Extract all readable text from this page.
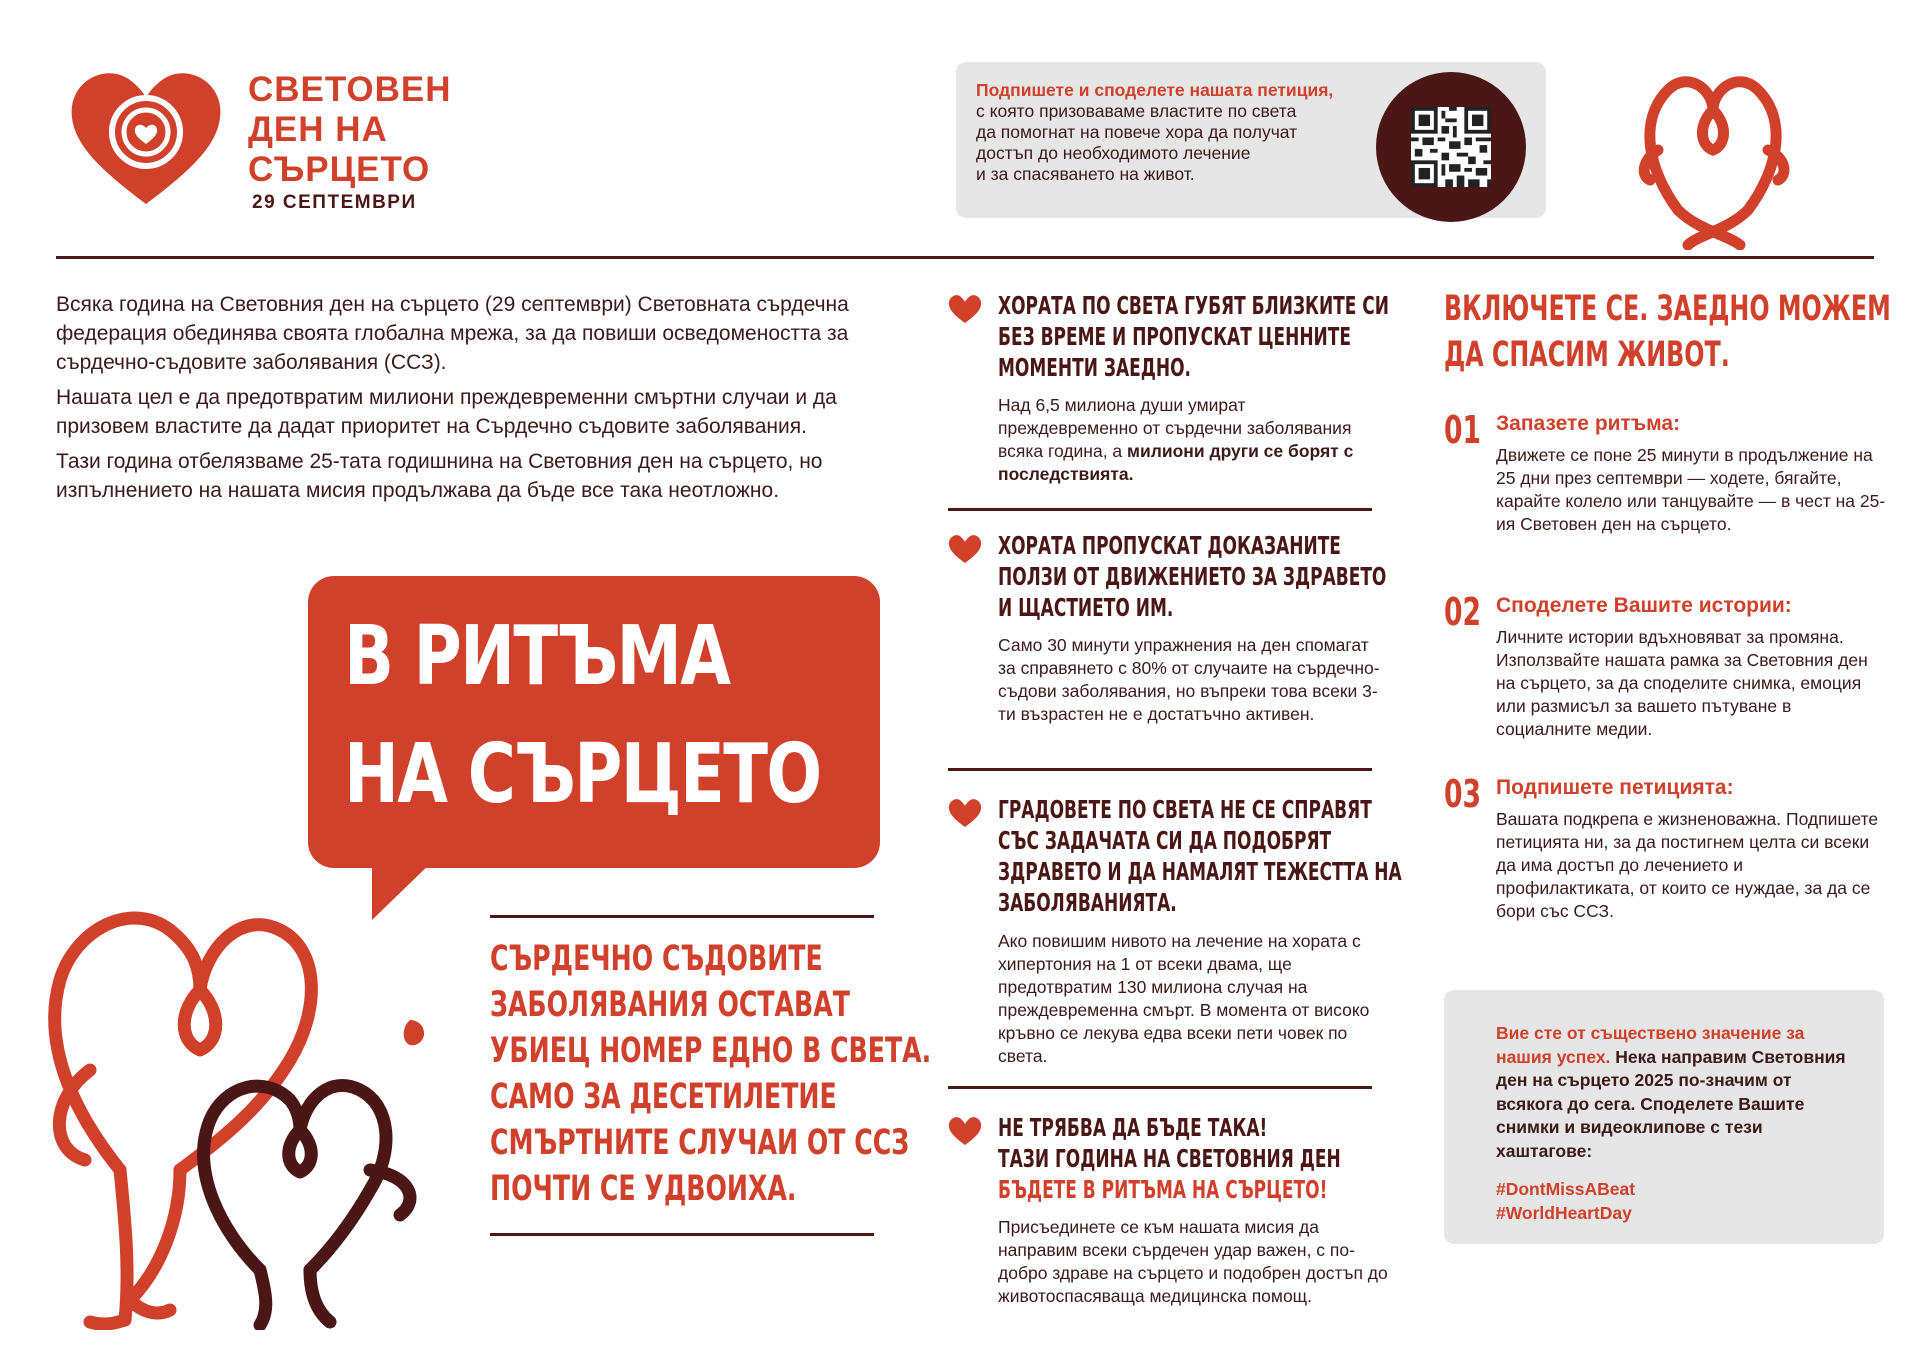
СВЕТОВЕН
ДЕН НА
СЪРЦЕТО
29 СЕПТЕМВРИ
Подпишете и споделете нашата петиция,
с която призоваваме властите по света
да помогнат на повече хора да получат
достъп до необходимото лечение
и за спасяването на живот.

Всяка година на Световния ден на сърцето (29 септември) Световната сърдечна федерация обединява своята глобална мрежа, за да повиши осведомеността за сърдечно-съдовите заболявания (ССЗ).

Нашата цел е да предотвратим милиони преждевременни смъртни случаи и да призовем властите да дадат приоритет на Сърдечно съдовите заболявания.

Тази година отбелязваме 25-тата годишнина на Световния ден на сърцето, но изпълнението на нашата мисия продължава да бъде все така неотложно.

В РИТЪМА
НА СЪРЦЕТО
СЪРДЕЧНО СЪДОВИТЕ
ЗАБОЛЯВАНИЯ ОСТАВАТ
УБИЕЦ НОМЕР ЕДНО В СВЕТА.
САМО ЗА ДЕСЕТИЛЕТИЕ
СМЪРТНИТЕ СЛУЧАИ ОТ ССЗ
ПОЧТИ СЕ УДВОИХА.
ХОРАТА ПО СВЕТА ГУБЯТ БЛИЗКИТЕ СИ
БЕЗ ВРЕМЕ И ПРОПУСКАТ ЦЕННИТЕ
МОМЕНТИ ЗАЕДНО.
Над 6,5 милиона души умират преждевременно от сърдечни заболявания всяка година, а милиони други се борят с последствията.
ХОРАТА ПРОПУСКАТ ДОКАЗАНИТЕ
ПОЛЗИ ОТ ДВИЖЕНИЕТО ЗА ЗДРАВЕТО
И ЩАСТИЕТО ИМ.
Само 30 минути упражнения на ден спомагат за справянето с 80% от случаите на сърдечно-съдови заболявания, но въпреки това всеки 3-ти възрастен не е достатъчно активен.
ГРАДОВЕТЕ ПО СВЕТА НЕ СЕ СПРАВЯТ
СЪС ЗАДАЧАТА СИ ДА ПОДОБРЯТ
ЗДРАВЕТО И ДА НАМАЛЯТ ТЕЖЕСТТА НА
ЗАБОЛЯВАНИЯТА.
Ако повишим нивото на лечение на хората с хипертония на 1 от всеки двама, ще предотвратим 130 милиона случая на преждевременна смърт. В момента от високо кръвно се лекува едва всеки пети човек по света.
НЕ ТРЯБВА ДА БЪДЕ ТАКА!
ТАЗИ ГОДИНА НА СВЕТОВНИЯ ДЕН
БЪДЕТЕ В РИТЪМА НА СЪРЦЕТО!
Присъединете се към нашата мисия да направим всеки сърдечен удар важен, с по-добро здраве на сърцето и подобрен достъп до животоспасяваща медицинска помощ.
ВКЛЮЧЕТЕ СЕ. ЗАЕДНО МОЖЕМ
ДА СПАСИМ ЖИВОТ.
01 Запазете ритъма:
Движете се поне 25 минути в продължение на 25 дни през септември — ходете, бягайте, карайте колело или танцувайте — в чест на 25-ия Световен ден на сърцето.
02 Споделете Вашите истории:
Личните истории вдъхновяват за промяна. Използвайте нашата рамка за Световния ден на сърцето, за да споделите снимка, емоция или размисъл за вашето пътуване в социалните медии.
03 Подпишете петицията:
Вашата подкрепа е жизненоважна. Подпишете петицията ни, за да постигнем целта си всеки да има достъп до лечението и профилактиката, от които се нуждае, за да се бори със ССЗ.
Вие сте от съществено значение за нашия успех. Нека направим Световния ден на сърцето 2025 по-значим от всякога до сега. Споделете Вашите снимки и видеоклипове с тези хаштагове:
#DontMissABeat
#WorldHeartDay
